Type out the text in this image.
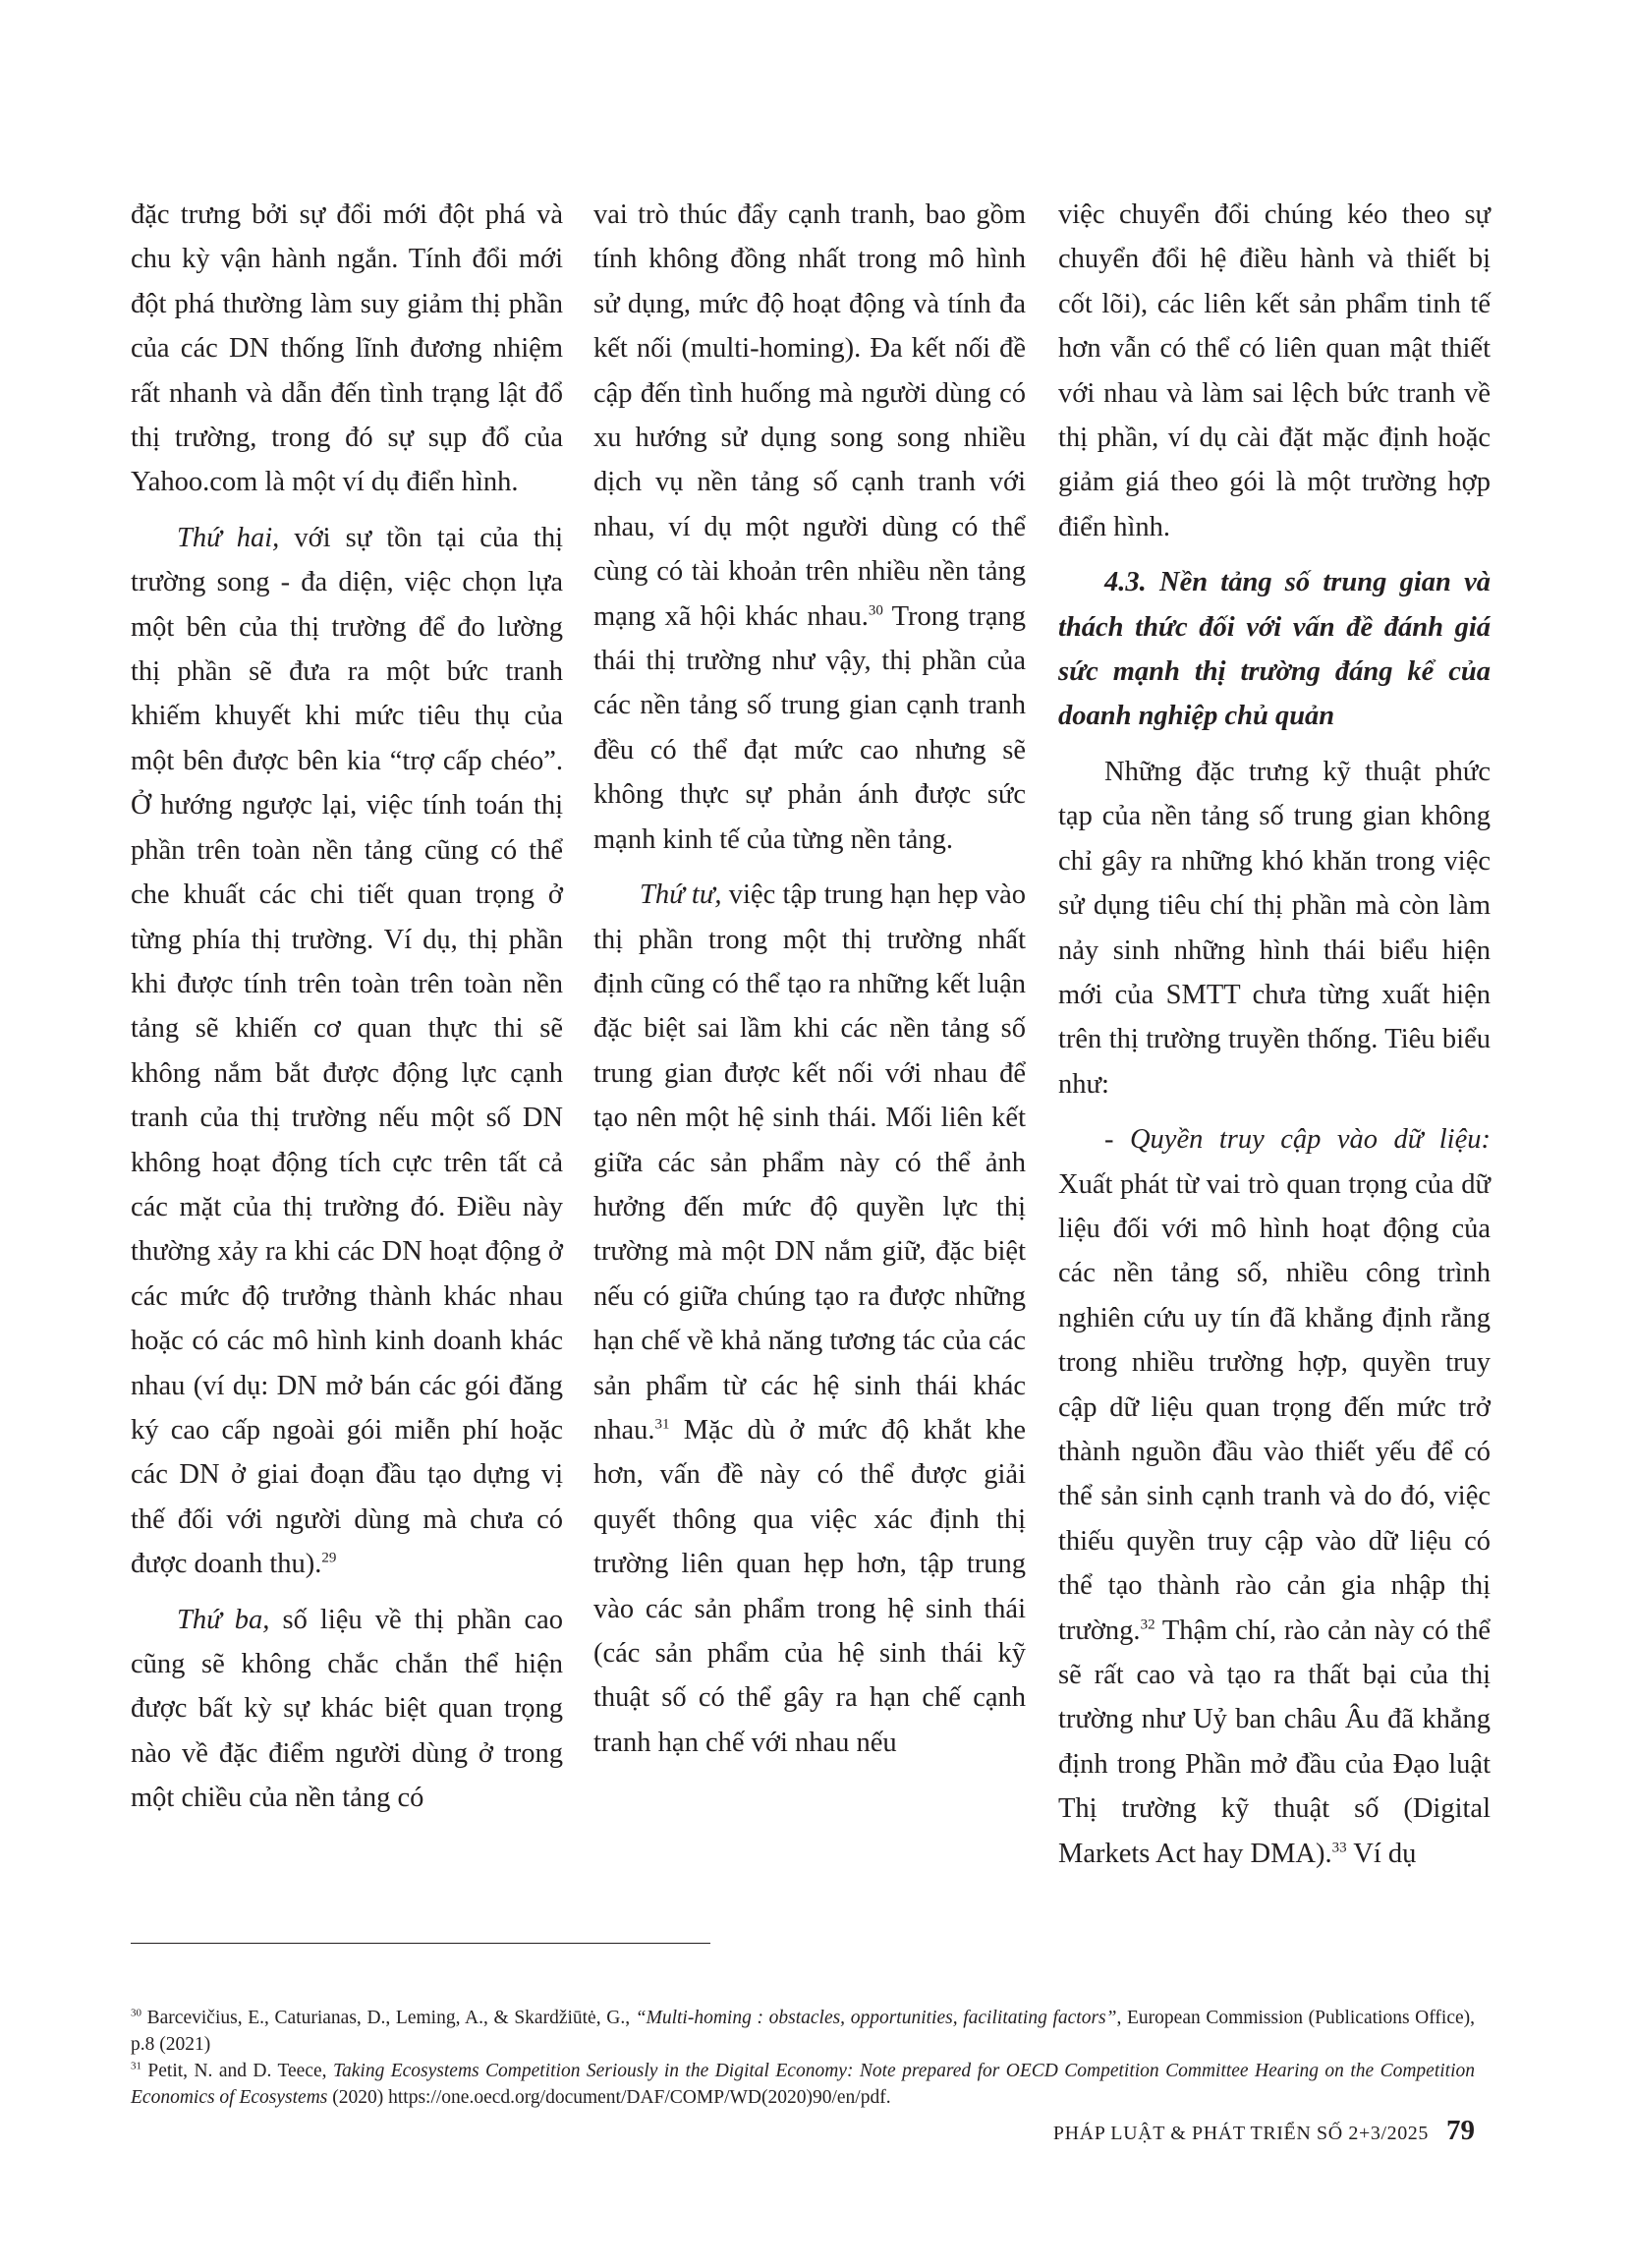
đặc trưng bởi sự đổi mới đột phá và chu kỳ vận hành ngắn. Tính đổi mới đột phá thường làm suy giảm thị phần của các DN thống lĩnh đương nhiệm rất nhanh và dẫn đến tình trạng lật đổ thị trường, trong đó sự sụp đổ của Yahoo.com là một ví dụ điển hình.

Thứ hai, với sự tồn tại của thị trường song - đa diện, việc chọn lựa một bên của thị trường để đo lường thị phần sẽ đưa ra một bức tranh khiếm khuyết khi mức tiêu thụ của một bên được bên kia “trợ cấp chéo”. Ở hướng ngược lại, việc tính toán thị phần trên toàn nền tảng cũng có thể che khuất các chi tiết quan trọng ở từng phía thị trường. Ví dụ, thị phần khi được tính trên toàn trên toàn nền tảng sẽ khiến cơ quan thực thi sẽ không nắm bắt được động lực cạnh tranh của thị trường nếu một số DN không hoạt động tích cực trên tất cả các mặt của thị trường đó. Điều này thường xảy ra khi các DN hoạt động ở các mức độ trưởng thành khác nhau hoặc có các mô hình kinh doanh khác nhau (ví dụ: DN mở bán các gói đăng ký cao cấp ngoài gói miễn phí hoặc các DN ở giai đoạn đầu tạo dựng vị thế đối với người dùng mà chưa có được doanh thu).$^{29}$

Thứ ba, số liệu về thị phần cao cũng sẽ không chắc chắn thể hiện được bất kỳ sự khác biệt quan trọng nào về đặc điểm người dùng ở trong một chiều của nền tảng có

vai trò thúc đẩy cạnh tranh, bao gồm tính không đồng nhất trong mô hình sử dụng, mức độ hoạt động và tính đa kết nối (multi-homing). Đa kết nối đề cập đến tình huống mà người dùng có xu hướng sử dụng song song nhiều dịch vụ nền tảng số cạnh tranh với nhau, ví dụ một người dùng có thể cùng có tài khoản trên nhiều nền tảng mạng xã hội khác nhau.$^{30}$ Trong trạng thái thị trường như vậy, thị phần của các nền tảng số trung gian cạnh tranh đều có thể đạt mức cao nhưng sẽ không thực sự phản ánh được sức mạnh kinh tế của từng nền tảng.

Thứ tư, việc tập trung hạn hẹp vào thị phần trong một thị trường nhất định cũng có thể tạo ra những kết luận đặc biệt sai lầm khi các nền tảng số trung gian được kết nối với nhau để tạo nên một hệ sinh thái. Mối liên kết giữa các sản phẩm này có thể ảnh hưởng đến mức độ quyền lực thị trường mà một DN nắm giữ, đặc biệt nếu có giữa chúng tạo ra được những hạn chế về khả năng tương tác của các sản phẩm từ các hệ sinh thái khác nhau.$^{31}$ Mặc dù ở mức độ khắt khe hơn, vấn đề này có thể được giải quyết thông qua việc xác định thị trường liên quan hẹp hơn, tập trung vào các sản phẩm trong hệ sinh thái (các sản phẩm của hệ sinh thái kỹ thuật số có thể gây ra hạn chế cạnh tranh hạn chế với nhau nếu

việc chuyển đổi chúng kéo theo sự chuyển đổi hệ điều hành và thiết bị cốt lõi), các liên kết sản phẩm tinh tế hơn vẫn có thể có liên quan mật thiết với nhau và làm sai lệch bức tranh về thị phần, ví dụ cài đặt mặc định hoặc giảm giá theo gói là một trường hợp điển hình.

4.3. Nền tảng số trung gian và thách thức đối với vấn đề đánh giá sức mạnh thị trường đáng kể của doanh nghiệp chủ quản

Những đặc trưng kỹ thuật phức tạp của nền tảng số trung gian không chỉ gây ra những khó khăn trong việc sử dụng tiêu chí thị phần mà còn làm nảy sinh những hình thái biểu hiện mới của SMTT chưa từng xuất hiện trên thị trường truyền thống. Tiêu biểu như:

- Quyền truy cập vào dữ liệu: Xuất phát từ vai trò quan trọng của dữ liệu đối với mô hình hoạt động của các nền tảng số, nhiều công trình nghiên cứu uy tín đã khẳng định rằng trong nhiều trường hợp, quyền truy cập dữ liệu quan trọng đến mức trở thành nguồn đầu vào thiết yếu để có thể sản sinh cạnh tranh và do đó, việc thiếu quyền truy cập vào dữ liệu có thể tạo thành rào cản gia nhập thị trường.$^{32}$ Thậm chí, rào cản này có thể sẽ rất cao và tạo ra thất bại của thị trường như Uỷ ban châu Âu đã khẳng định trong Phần mở đầu của Đạo luật Thị trường kỹ thuật số (Digital Markets Act hay DMA).$^{33}$ Ví dụ

$^{30}$ Barcevičius, E., Caturianas, D., Leming, A., & Skardžiūtė, G., “Multi-homing : obstacles, opportunities, facilitating factors”, European Commission (Publications Office), p.8 (2021)

$^{31}$ Petit, N. and D. Teece, Taking Ecosystems Competition Seriously in the Digital Economy: Note prepared for OECD Competition Committee Hearing on the Competition Economics of Ecosystems (2020) https://one.oecd.org/document/DAF/COMP/WD(2020)90/en/pdf.

PHÁP LUẬT & PHÁT TRIỂN SỐ 2+3/2025 79
